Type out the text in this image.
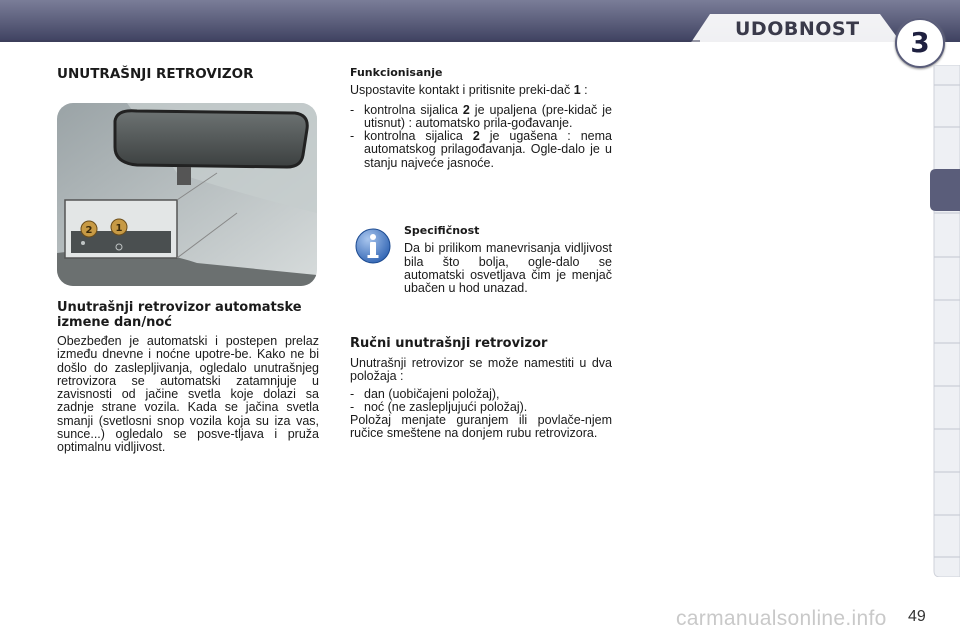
UDOBNOST	3
UNUTRAŠNJI RETROVIZOR
2 1
Unutrašnji retrovizor automatske izmene dan/noć
Obezbeđen je automatski i postepen prelaz između dnevne i noćne upotre-be. Kako ne bi došlo do zaslepljivanja, ogledalo unutrašnjeg retrovizora se automatski zatamnjuje u zavisnosti od jačine svetla koje dolazi sa zadnje strane vozila. Kada se jačina svetla smanji (svetlosni snop vozila koja su iza vas, sunce...) ogledalo se posve-tljava i pruža optimalnu vidljivost.
Funkcionisanje
Uspostavite kontakt i pritisnite preki-dač 1 :
- kontrolna sijalica 2 je upaljena (pre-kidač je utisnut) : automatsko prila-gođavanje.
- kontrolna sijalica 2 je ugašena : nema automatskog prilagođavanja. Ogle-dalo je u stanju najveće jasnoće.
Specifičnost
Da bi prilikom manevrisanja vidljivost bila što bolja, ogle-dalo se automatski osvetljava čim je menjač ubačen u hod unazad.
Ručni unutrašnji retrovizor
Unutrašnji retrovizor se može namestiti u dva položaja :
- dan (uobičajeni položaj),
- noć (ne zaslepljujući položaj).
Položaj menjate guranjem ili povlače-njem ručice smeštene na donjem rubu retrovizora.
carmanualsonline.info 49
